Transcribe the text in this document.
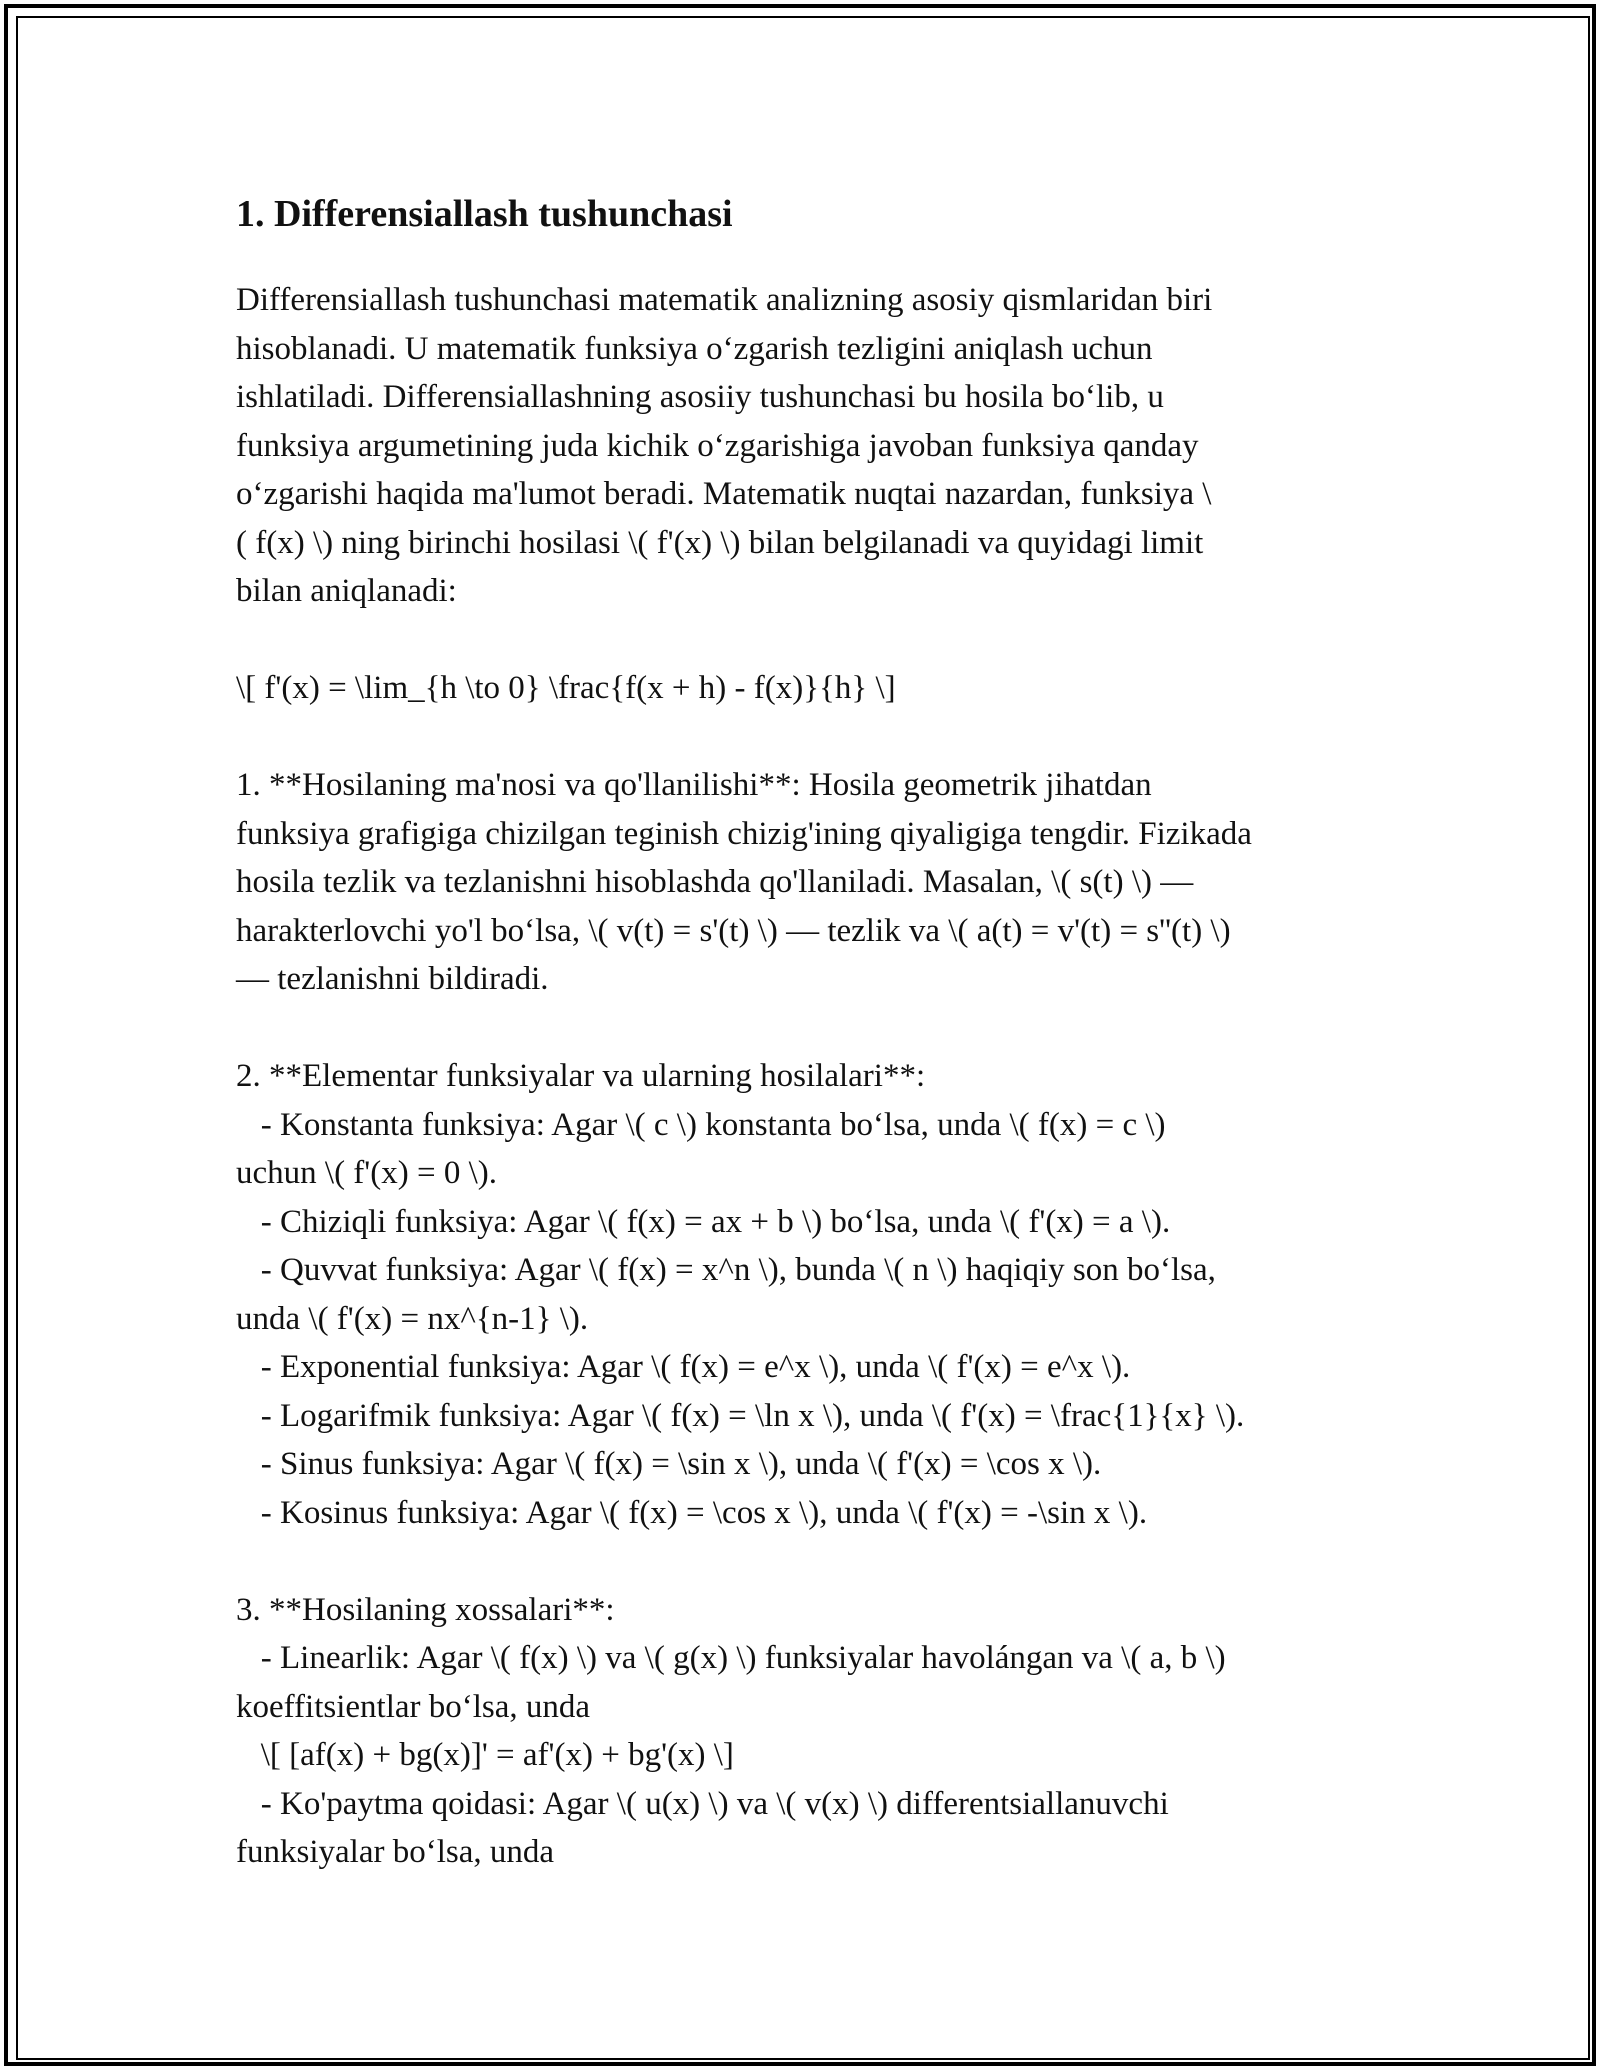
1. Differensiallash tushunchasi
Differensiallash tushunchasi matematik analizning asosiy qismlaridan biri
hisoblanadi. U matematik funksiya o‘zgarish tezligini aniqlash uchun
ishlatiladi. Differensiallashning asosiiy tushunchasi bu hosila bo‘lib, u
funksiya argumetining juda kichik o‘zgarishiga javoban funksiya qanday
o‘zgarishi haqida ma'lumot beradi. Matematik nuqtai nazardan, funksiya \
( f(x) \) ning birinchi hosilasi \( f'(x) \) bilan belgilanadi va quyidagi limit
bilan aniqlanadi:
\[ f'(x) = \lim_{h \to 0} \frac{f(x + h) - f(x)}{h} \]
1. **Hosilaning ma'nosi va qo'llanilishi**: Hosila geometrik jihatdan
funksiya grafigiga chizilgan teginish chizig'ining qiyaligiga tengdir. Fizikada
hosila tezlik va tezlanishni hisoblashda qo'llaniladi. Masalan, \( s(t) \) —
harakterlovchi yo'l bo‘lsa, \( v(t) = s'(t) \) — tezlik va \( a(t) = v'(t) = s''(t) \)
— tezlanishni bildiradi.
2. **Elementar funksiyalar va ularning hosilalari**:
- Konstanta funksiya: Agar \( c \) konstanta bo‘lsa, unda \( f(x) = c \)
uchun \( f'(x) = 0 \).
- Chiziqli funksiya: Agar \( f(x) = ax + b \) bo‘lsa, unda \( f'(x) = a \).
- Quvvat funksiya: Agar \( f(x) = x^n \), bunda \( n \) haqiqiy son bo‘lsa,
unda \( f'(x) = nx^{n-1} \).
- Exponential funksiya: Agar \( f(x) = e^x \), unda \( f'(x) = e^x \).
- Logarifmik funksiya: Agar \( f(x) = \ln x \), unda \( f'(x) = \frac{1}{x} \).
- Sinus funksiya: Agar \( f(x) = \sin x \), unda \( f'(x) = \cos x \).
- Kosinus funksiya: Agar \( f(x) = \cos x \), unda \( f'(x) = -\sin x \).
3. **Hosilaning xossalari**:
- Linearlik: Agar \( f(x) \) va \( g(x) \) funksiyalar havolángan va \( a, b \)
koeffitsientlar bo‘lsa, unda
\[ [af(x) + bg(x)]' = af'(x) + bg'(x) \]
- Ko'paytma qoidasi: Agar \( u(x) \) va \( v(x) \) differentsiallanuvchi
funksiyalar bo‘lsa, unda
